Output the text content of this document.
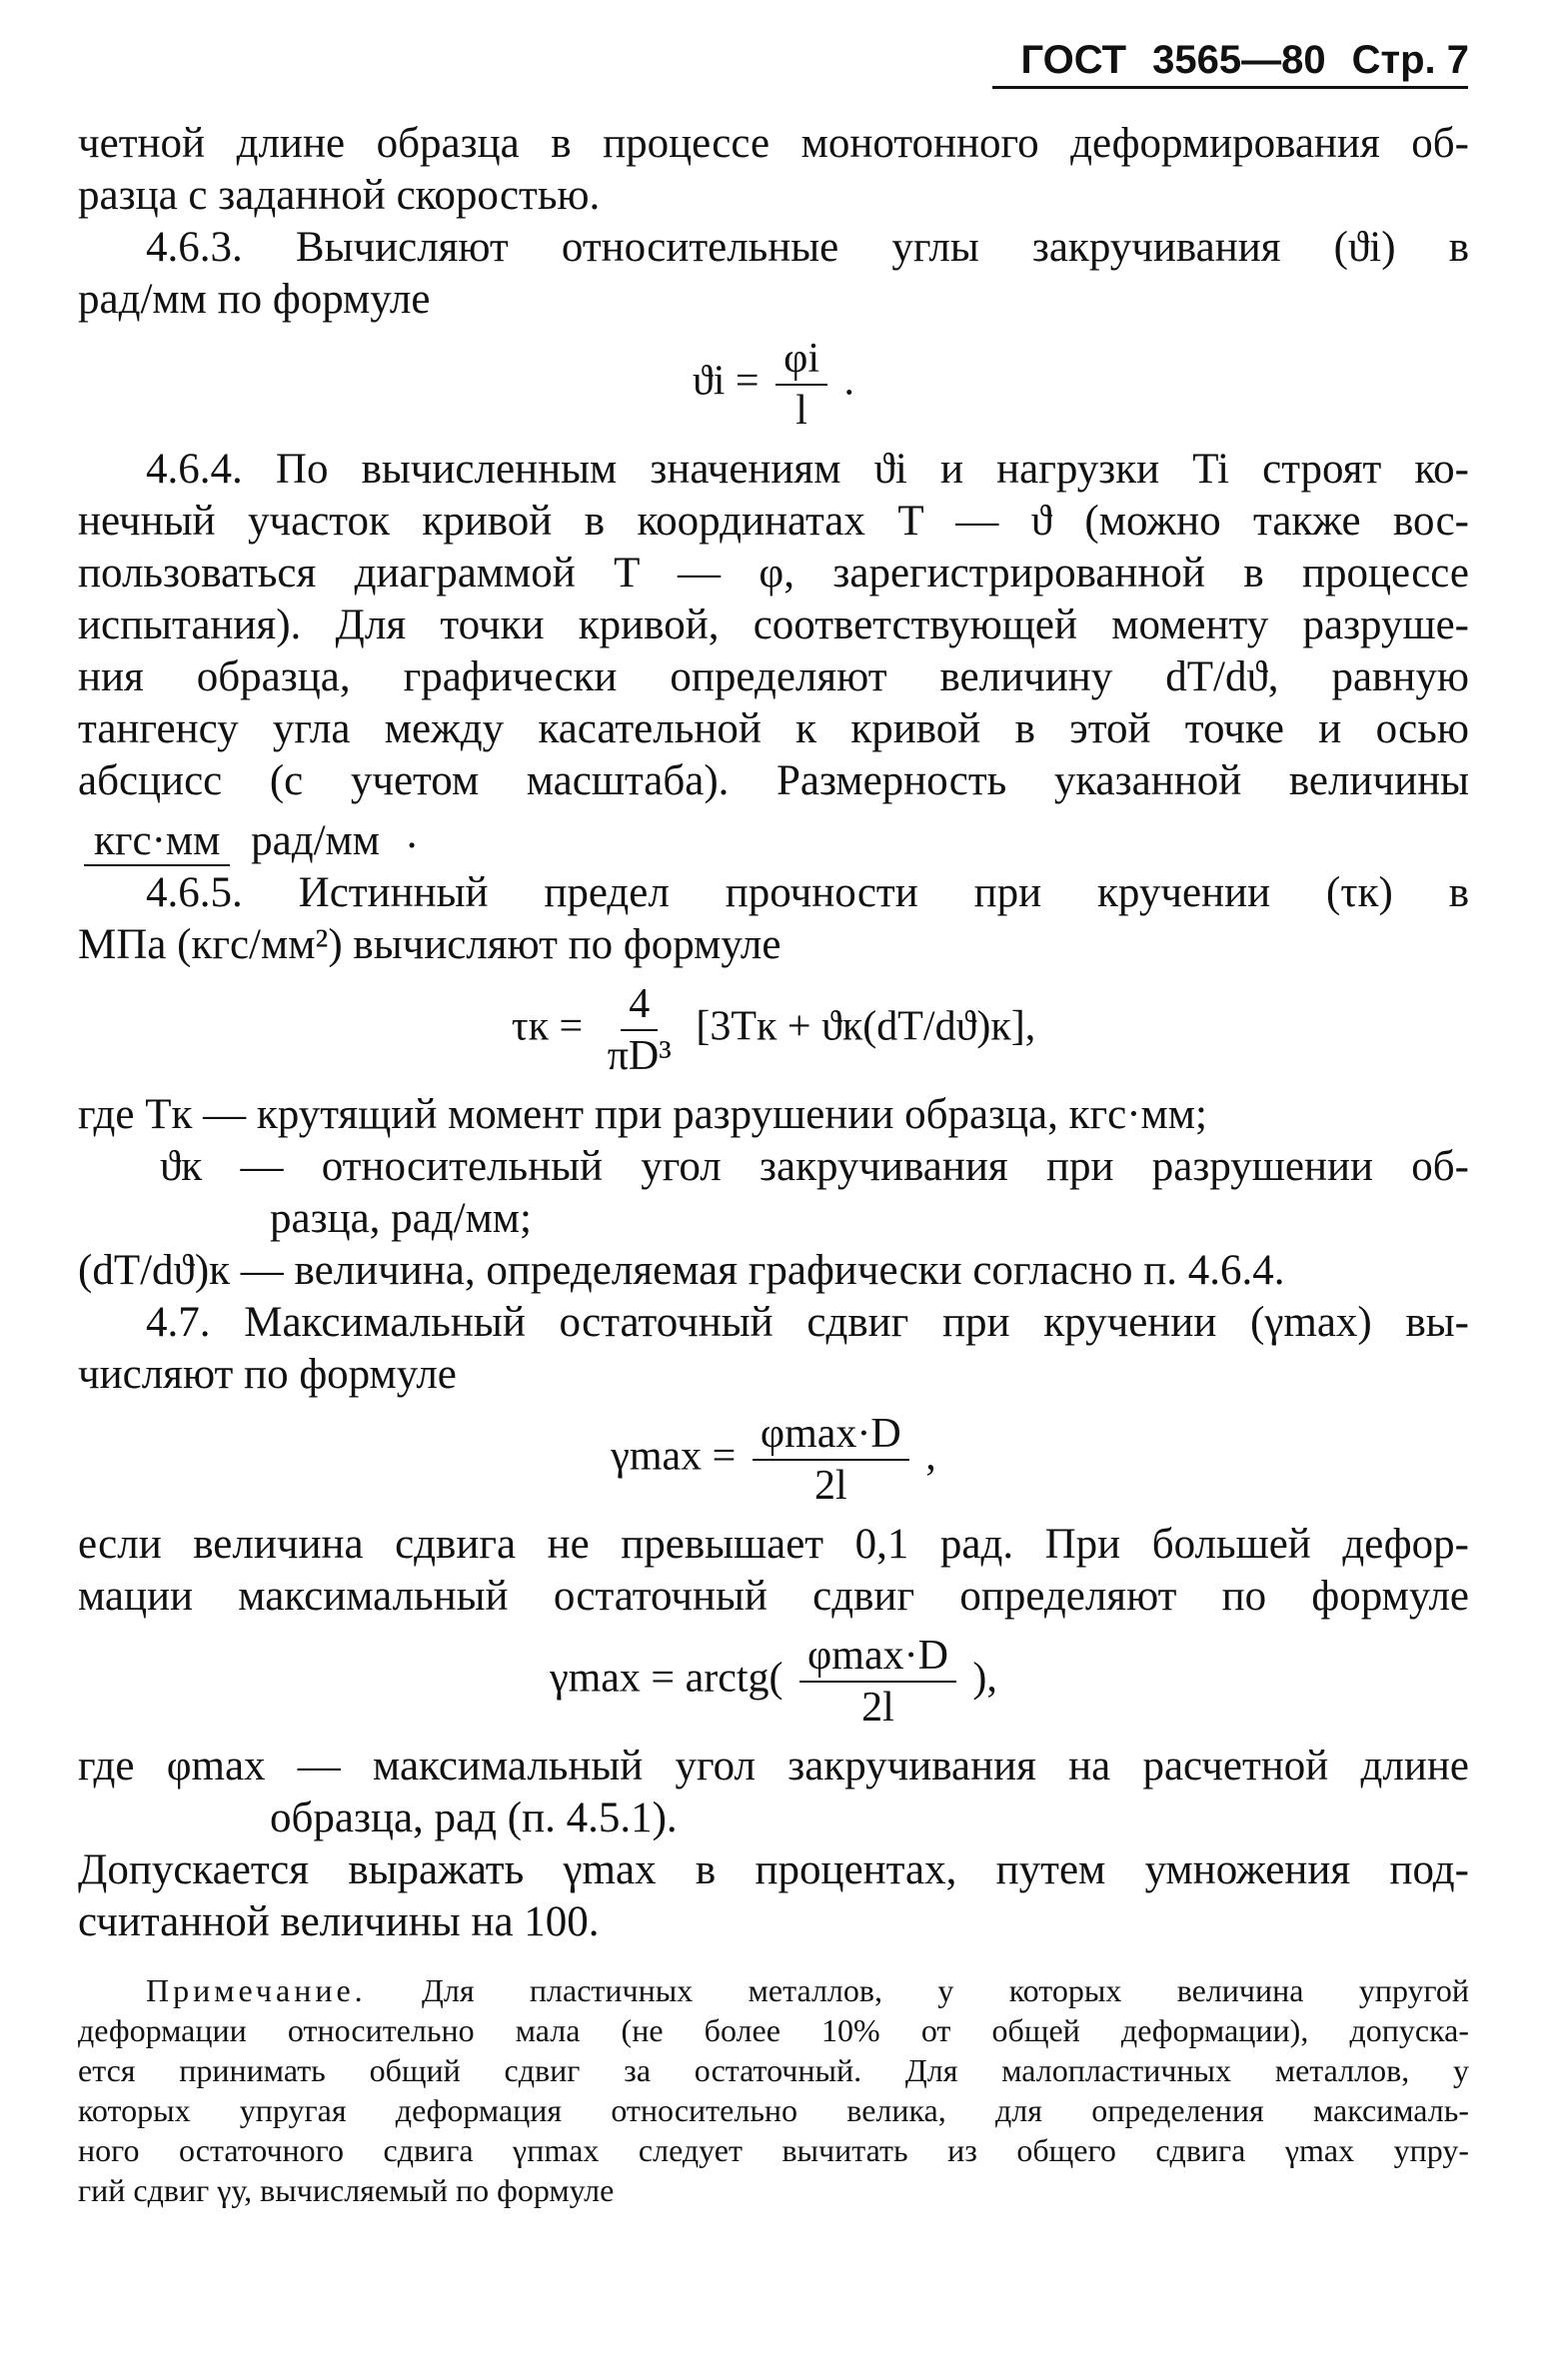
ГОСТ 3565—80 Стр. 7
четной длине образца в процессе монотонного деформирования об-
разца с заданной скоростью.
4.6.3. Вычисляют относительные углы закручивания (ϑi) в
рад/мм по формуле
$ϑi = \frac{\varphi i}{l}$ .
4.6.4. По вычисленным значениям ϑi и нагрузки Ti строят ко-
нечный участок кривой в координатах T — ϑ (можно также вос-
пользоваться диаграммой T — φ, зарегистрированной в процессе
испытания). Для точки кривой, соответствующей моменту разруше-
ния образца, графически определяют величину dT/dϑ, равную
тангенсу угла между касательной к кривой в этой точке и осью
абсцисс (с учетом масштаба). Размерность указанной величины
кгс·мм рад/мм .
4.6.5. Истинный предел прочности при кручении (τк) в
МПа (кгс/мм²) вычисляют по формуле
$\tau к = \frac{4}{\text{πD³}} [3Tк + ϑк(dT/dϑ)к]$,
где Tк — крутящий момент при разрушении образца, кгс·мм;
ϑк — относительный угол закручивания при разрушении об-
разца, рад/мм;
(dT/dϑ)к — величина, определяемая графически согласно п. 4.6.4.
4.7. Максимальный остаточный сдвиг при кручении (γmax) вы-
числяют по формуле
$\gamma\max = \frac{\varphi\max\cdot D}{2l}$ ,
если величина сдвига не превышает 0,1 рад. При большей дефор-
мации максимальный остаточный сдвиг определяют по формуле
γmax = arctg( $\frac{\varphi\max\cdot D}{2l}$ ),
где φmax — максимальный угол закручивания на расчетной длине
образца, рад (п. 4.5.1).
Допускается выражать γmax в процентах, путем умножения под-
считанной величины на 100.
Примечание. Для пластичных металлов, у которых величина упругой
деформации относительно мала (не более 10% от общей деформации), допуска-
ется принимать общий сдвиг за остаточный. Для малопластичных металлов, у
которых упругая деформация относительно велика, для определения максималь-
ного остаточного сдвига γпmax следует вычитать из общего сдвига γmax упру-
гий сдвиг γу, вычисляемый по формуле
